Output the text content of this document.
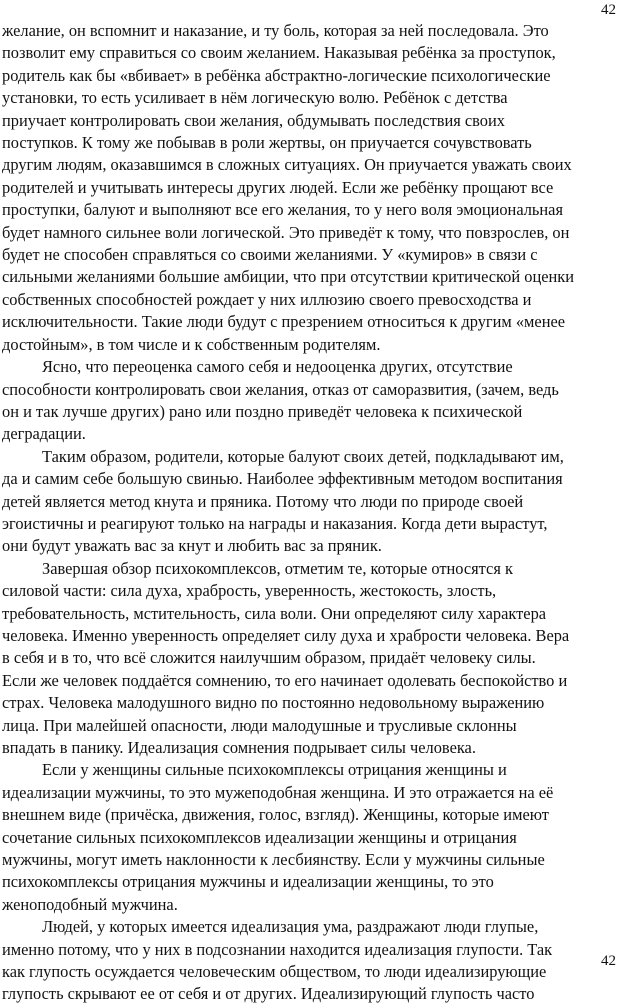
42

желание, он вспомнит и наказание, и ту боль, которая за ней последовала. Это

позволит ему справиться со своим желанием. Наказывая ребёнка за проступок,

родитель как бы «вбивает» в ребёнка абстрактно-логические психологические

установки, то есть усиливает в нём логическую волю. Ребёнок с детства

приучает контролировать свои желания, обдумывать последствия своих

поступков. К тому же побывав в роли жертвы, он приучается сочувствовать

другим людям, оказавшимся в сложных ситуациях. Он приучается уважать своих

родителей и учитывать интересы других людей. Если же ребёнку прощают все

проступки, балуют и выполняют все его желания, то у него воля эмоциональная

будет намного сильнее воли логической. Это приведёт к тому, что повзрослев, он

будет не способен справляться со своими желаниями. У «кумиров» в связи с

сильными желаниями большие амбиции, что при отсутствии критической оценки

собственных способностей рождает у них иллюзию своего превосходства и

исключительности. Такие люди будут с презрением относиться к другим «менее

достойным», в том числе и к собственным родителям.

Ясно, что переоценка самого себя и недооценка других, отсутствие

способности контролировать свои желания, отказ от саморазвития, (зачем, ведь

он и так лучше других) рано или поздно приведёт человека к психической

деградации.

Таким образом, родители, которые балуют своих детей, подкладывают им,

да и самим себе большую свинью. Наиболее эффективным методом воспитания

детей является метод кнута и пряника. Потому что люди по природе своей

эгоистичны и реагируют только на награды и наказания. Когда дети вырастут,

они будут уважать вас за кнут и любить вас за пряник.

Завершая обзор психокомплексов, отметим те, которые относятся к

силовой части: сила духа, храбрость, уверенность, жестокость, злость,

требовательность, мстительность, сила воли. Они определяют силу характера

человека. Именно уверенность определяет силу духа и храбрости человека. Вера

в себя и в то, что всё сложится наилучшим образом, придаёт человеку силы.

Если же человек поддаётся сомнению, то его начинает одолевать беспокойство и

страх. Человека малодушного видно по постоянно недовольному выражению

лица. При малейшей опасности, люди малодушные и трусливые склонны

впадать в панику. Идеализация сомнения подрывает силы человека.

Если у женщины сильные психокомплексы отрицания женщины и

идеализации мужчины, то это мужеподобная женщина. И это отражается на её

внешнем виде (причёска, движения, голос, взгляд). Женщины, которые имеют

сочетание сильных психокомплексов идеализации женщины и отрицания

мужчины, могут иметь наклонности к лесбиянству. Если у мужчины сильные

психокомплексы отрицания мужчины и идеализации женщины, то это

женоподобный мужчина.

Людей, у которых имеется идеализация ума, раздражают люди глупые,

именно потому, что у них в подсознании находится идеализация глупости. Так

как глупость осуждается человеческим обществом, то люди идеализирующие

глупость скрывают ее от себя и от других. Идеализирующий глупость часто

42
